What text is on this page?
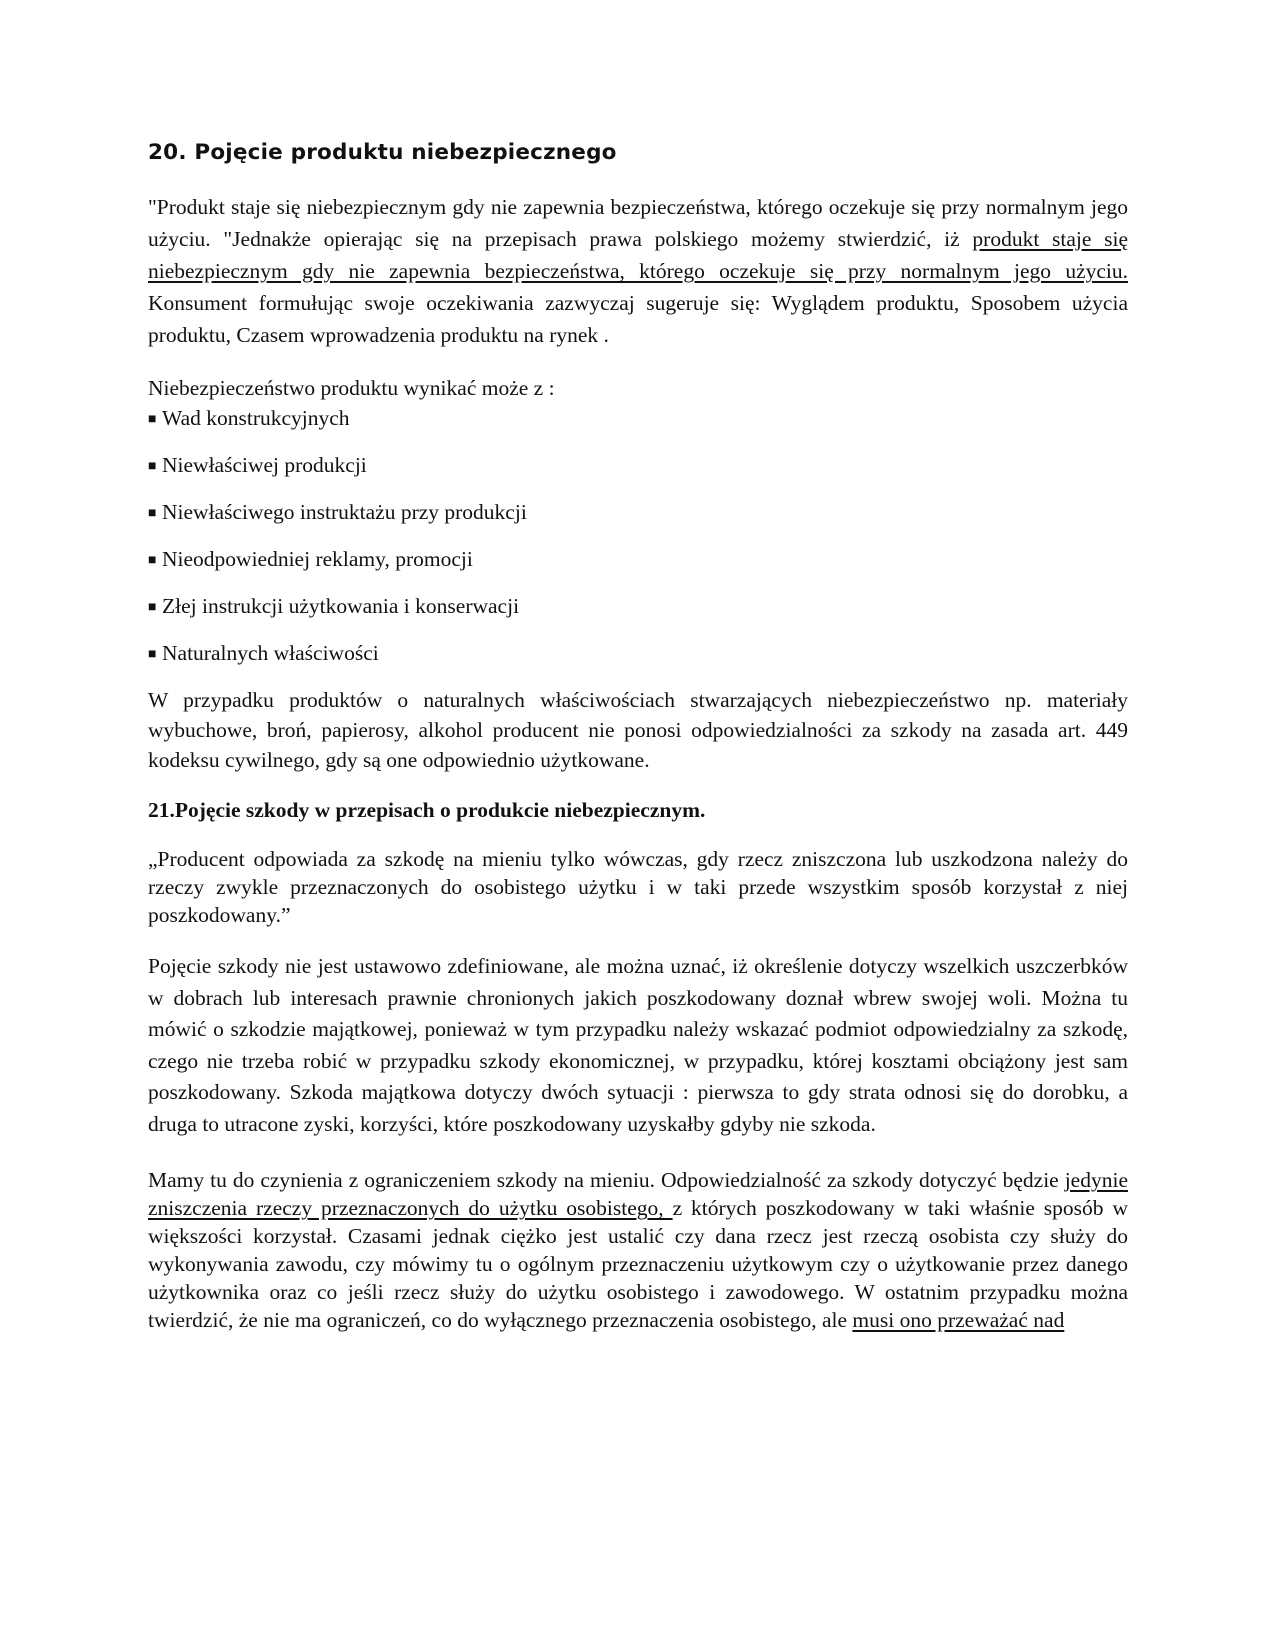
20. Pojęcie produktu niebezpiecznego

"Produkt staje się niebezpiecznym gdy nie zapewnia bezpieczeństwa, którego oczekuje się przy normalnym jego użyciu. "Jednakże opierając się na przepisach prawa polskiego możemy stwierdzić, iż produkt staje się niebezpiecznym gdy nie zapewnia bezpieczeństwa, którego oczekuje się przy normalnym jego użyciu. Konsument formułując swoje oczekiwania zazwyczaj sugeruje się: Wyglądem produktu, Sposobem użycia produktu, Czasem wprowadzenia produktu na rynek .

Niebezpieczeństwo produktu wynikać może z :

■ Wad konstrukcyjnych
■ Niewłaściwej produkcji
■ Niewłaściwego instruktażu przy produkcji
■ Nieodpowiedniej reklamy, promocji
■ Złej instrukcji użytkowania i konserwacji
■ Naturalnych właściwości

W przypadku produktów o naturalnych właściwościach stwarzających niebezpieczeństwo np. materiały wybuchowe, broń, papierosy, alkohol producent nie ponosi odpowiedzialności za szkody na zasada art. 449 kodeksu cywilnego, gdy są one odpowiednio użytkowane.

21.Pojęcie szkody w przepisach o produkcie niebezpiecznym.

„Producent odpowiada za szkodę na mieniu tylko wówczas, gdy rzecz zniszczona lub uszkodzona należy do rzeczy zwykle przeznaczonych do osobistego użytku i w taki przede wszystkim sposób korzystał z niej poszkodowany.”

Pojęcie szkody nie jest ustawowo zdefiniowane, ale można uznać, iż określenie dotyczy wszelkich uszczerbków w dobrach lub interesach prawnie chronionych jakich poszkodowany doznał wbrew swojej woli. Można tu mówić o szkodzie majątkowej, ponieważ w tym przypadku należy wskazać podmiot odpowiedzialny za szkodę, czego nie trzeba robić w przypadku szkody ekonomicznej, w przypadku, której kosztami obciążony jest sam poszkodowany. Szkoda majątkowa dotyczy dwóch sytuacji : pierwsza to gdy strata odnosi się do dorobku, a druga to utracone zyski, korzyści, które poszkodowany uzyskałby gdyby nie szkoda.

Mamy tu do czynienia z ograniczeniem szkody na mieniu. Odpowiedzialność za szkody dotyczyć będzie jedynie zniszczenia rzeczy przeznaczonych do użytku osobistego, z których poszkodowany w taki właśnie sposób w większości korzystał. Czasami jednak ciężko jest ustalić czy dana rzecz jest rzeczą osobista czy służy do wykonywania zawodu, czy mówimy tu o ogólnym przeznaczeniu użytkowym czy o użytkowanie przez danego użytkownika oraz co jeśli rzecz służy do użytku osobistego i zawodowego. W ostatnim przypadku można twierdzić, że nie ma ograniczeń, co do wyłącznego przeznaczenia osobistego, ale musi ono przeważać nad
